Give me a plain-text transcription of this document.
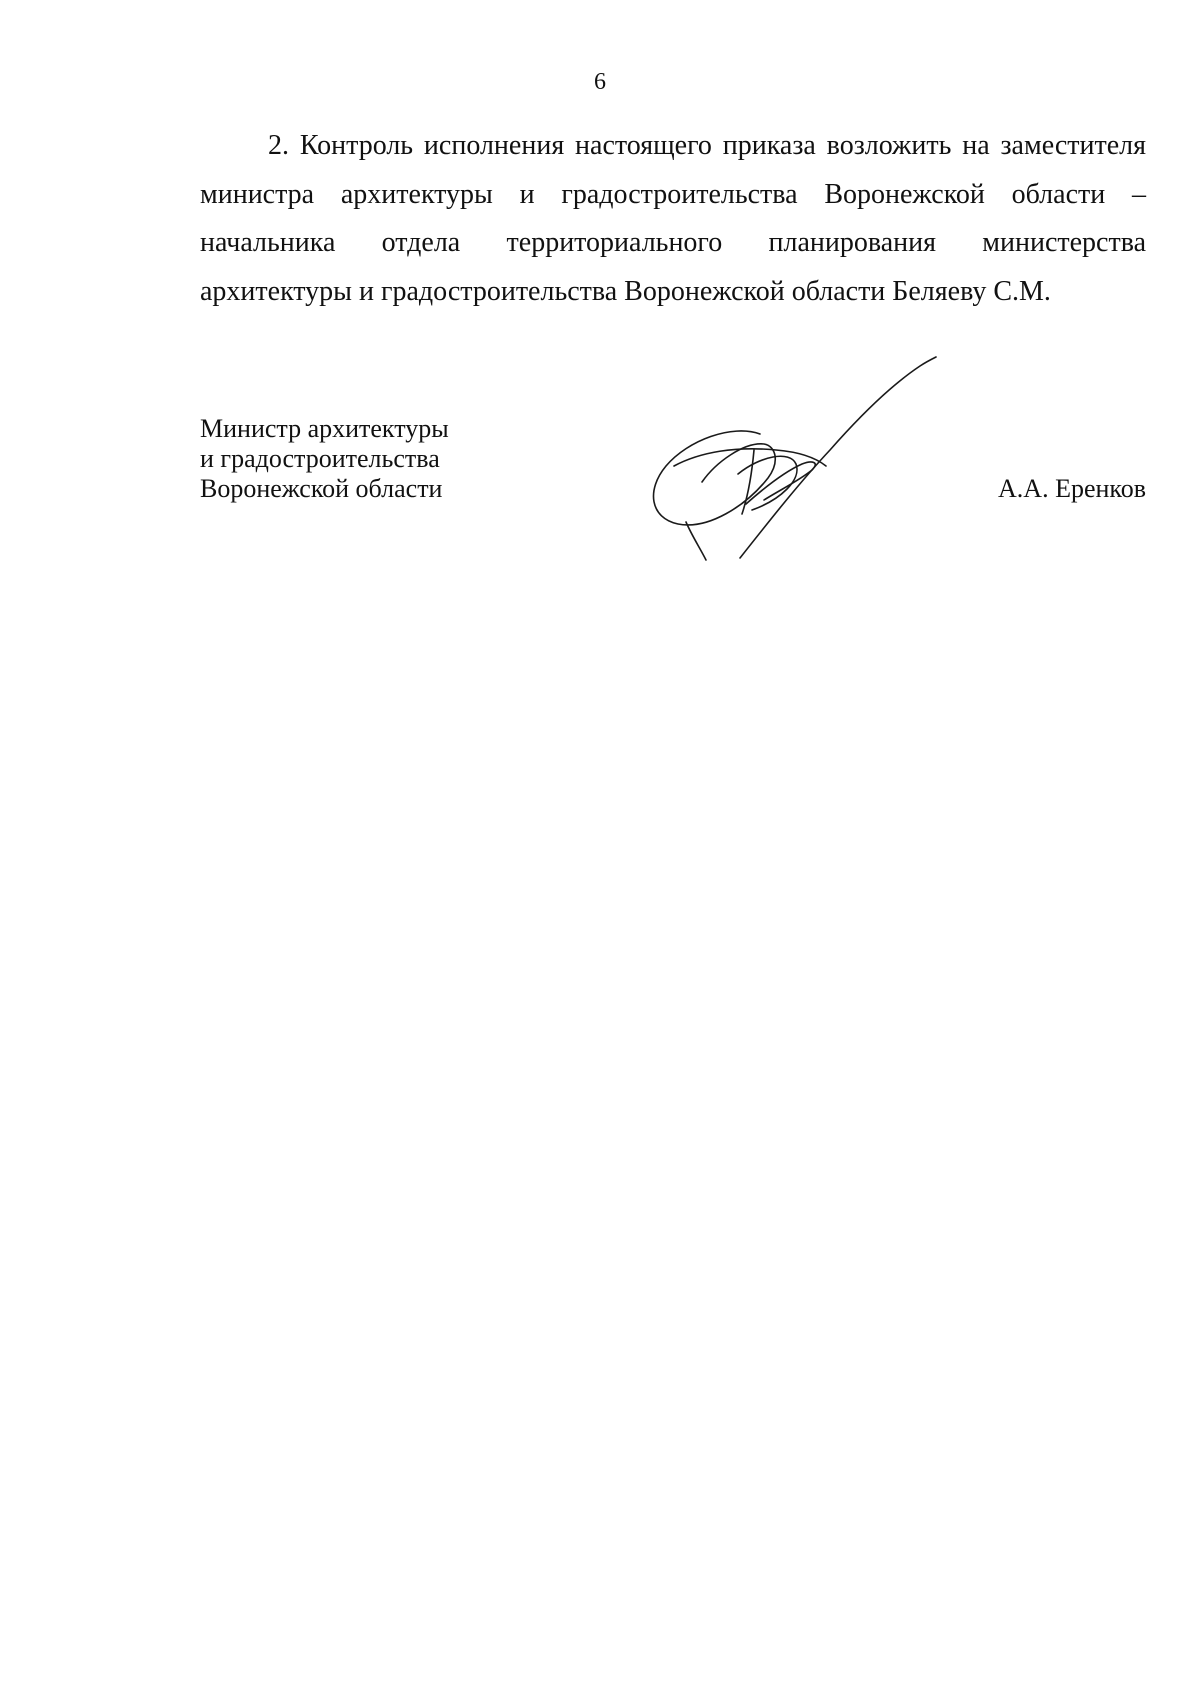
6

2. Контроль исполнения настоящего приказа возложить на заместителя министра архитектуры и градостроительства Воронежской области – начальника отдела территориального планирования министерства архитектуры и градостроительства Воронежской области Беляеву С.М.

Министр архитектуры
и градостроительства
Воронежской области	А.А. Еренков
